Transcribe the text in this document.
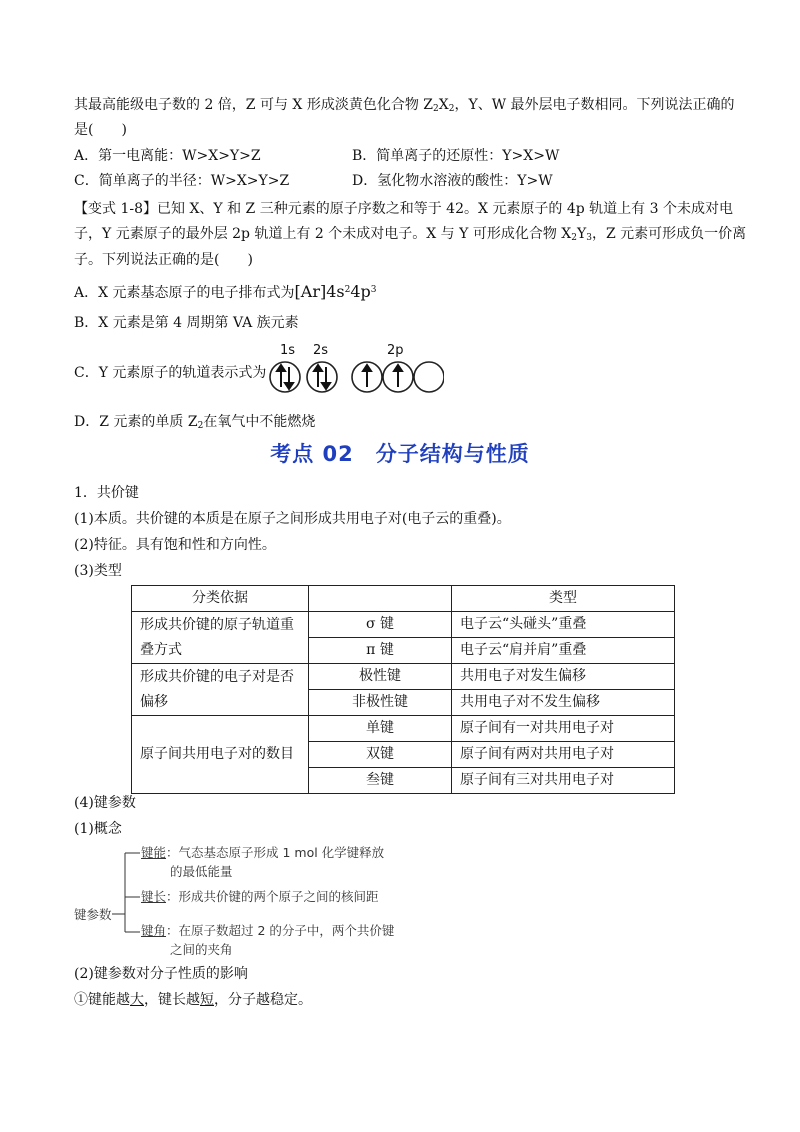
其最高能级电子数的 2 倍，Z 可与 X 形成淡黄色化合物 $Z_2X_2$，Y、W 最外层电子数相同。下列说法正确的
是(　　)
A．第一电离能：W>X>Y>Z	B．简单离子的还原性：Y>X>W
C．简单离子的半径：W>X>Y>Z	D．氢化物水溶液的酸性：Y>W
【变式 1-8】已知 X、Y 和 Z 三种元素的原子序数之和等于 42。X 元素原子的 4p 轨道上有 3 个未成对电
子，Y 元素原子的最外层 2p 轨道上有 2 个未成对电子。X 与 Y 可形成化合物 $X_2Y_3$，Z 元素可形成负一价离
子。下列说法正确的是(　　)
A．X 元素基态原子的电子排布式为$[Ar]4s^24p^3$
B．X 元素是第 4 周期第 VA 族元素
C．Y 元素原子的轨道表示式为
1s 2s	2p
D．Z 元素的单质 $Z_2$在氧气中不能燃烧
考点 02　分子结构与性质
1．共价键
(1)本质。共价键的本质是在原子之间形成共用电子对(电子云的重叠)。
(2)特征。具有饱和性和方向性。
(3)类型
分类依据		类型
形成共价键的原子轨道重叠方式	σ 键	电子云“头碰头”重叠
	π 键	电子云“肩并肩”重叠
形成共价键的电子对是否偏移	极性键	共用电子对发生偏移
	非极性键	共用电子对不发生偏移
原子间共用电子对的数目	单键	原子间有一对共用电子对
	双键	原子间有两对共用电子对
	叁键	原子间有三对共用电子对
(4)键参数
(1)概念
键参数
键能：气态基态原子形成 1 mol 化学键释放
的最低能量
键长：形成共价键的两个原子之间的核间距
键角：在原子数超过 2 的分子中，两个共价键
之间的夹角
(2)键参数对分子性质的影响
①键能越大，键长越短，分子越稳定。
